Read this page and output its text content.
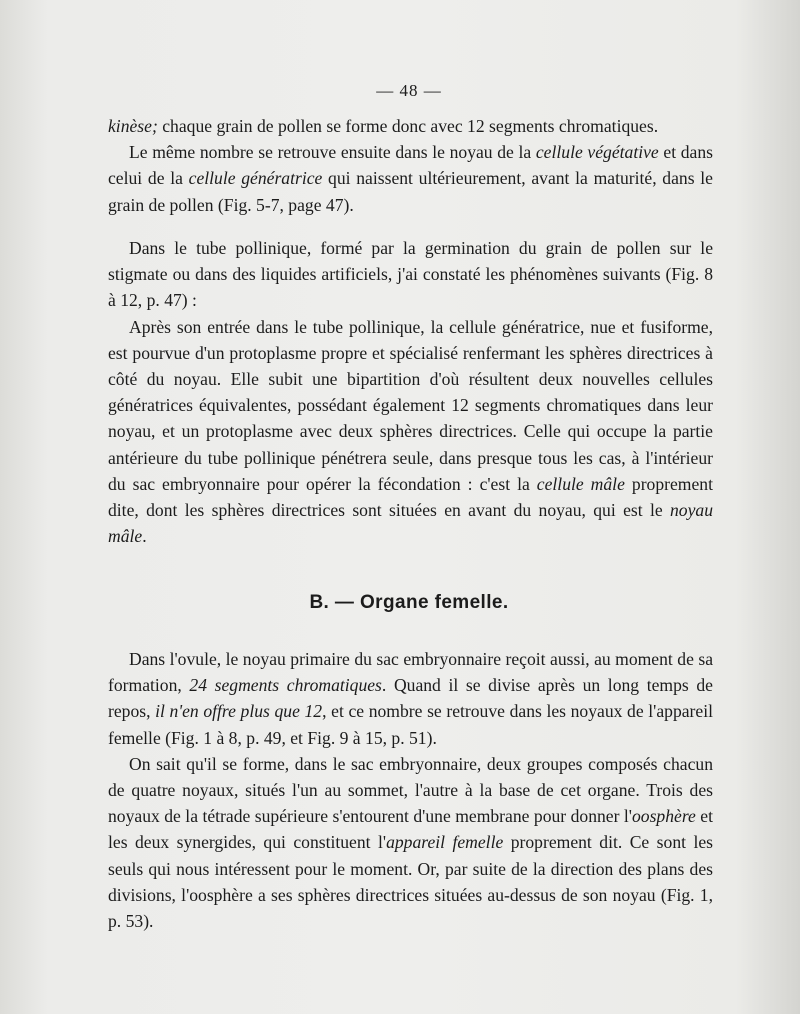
— 48 —

kinèse; chaque grain de pollen se forme donc avec 12 segments chromatiques.

Le même nombre se retrouve ensuite dans le noyau de la cellule végétative et dans celui de la cellule génératrice qui naissent ultérieurement, avant la maturité, dans le grain de pollen (Fig. 5-7, page 47).

Dans le tube pollinique, formé par la germination du grain de pollen sur le stigmate ou dans des liquides artificiels, j'ai constaté les phénomènes suivants (Fig. 8 à 12, p. 47) :

Après son entrée dans le tube pollinique, la cellule génératrice, nue et fusiforme, est pourvue d'un protoplasme propre et spécialisé renfermant les sphères directrices à côté du noyau. Elle subit une bipartition d'où résultent deux nouvelles cellules génératrices équivalentes, possédant également 12 segments chromatiques dans leur noyau, et un protoplasme avec deux sphères directrices. Celle qui occupe la partie antérieure du tube pollinique pénétrera seule, dans presque tous les cas, à l'intérieur du sac embryonnaire pour opérer la fécondation : c'est la cellule mâle proprement dite, dont les sphères directrices sont situées en avant du noyau, qui est le noyau mâle.

B. — Organe femelle.

Dans l'ovule, le noyau primaire du sac embryonnaire reçoit aussi, au moment de sa formation, 24 segments chromatiques. Quand il se divise après un long temps de repos, il n'en offre plus que 12, et ce nombre se retrouve dans les noyaux de l'appareil femelle (Fig. 1 à 8, p. 49, et Fig. 9 à 15, p. 51).

On sait qu'il se forme, dans le sac embryonnaire, deux groupes composés chacun de quatre noyaux, situés l'un au sommet, l'autre à la base de cet organe. Trois des noyaux de la tétrade supérieure s'entourent d'une membrane pour donner l'oosphère et les deux synergides, qui constituent l'appareil femelle proprement dit. Ce sont les seuls qui nous intéressent pour le moment. Or, par suite de la direction des plans des divisions, l'oosphère a ses sphères directrices situées au-dessus de son noyau (Fig. 1, p. 53).
